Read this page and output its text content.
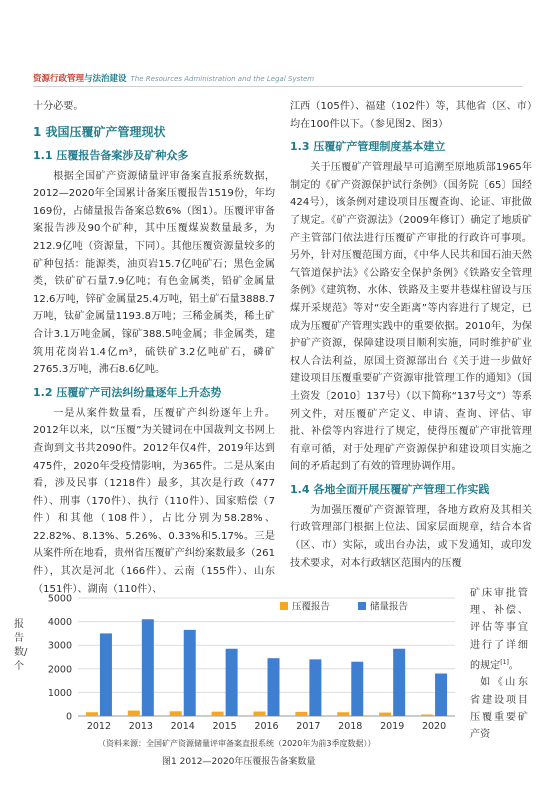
资源行政管理与法治建设 The Resources Administration and the Legal System

十分必要。

1 我国压覆矿产管理现状
1.1 压覆报告备案涉及矿种众多

根据全国矿产资源储量评审备案直报系统数据，2012—2020年全国累计备案压覆报告1519份，年均169份，占储量报告备案总数6%（图1）。压覆评审备案报告涉及90个矿种，其中压覆煤炭数量最多，为212.9亿吨（资源量，下同）。其他压覆资源量较多的矿种包括：能源类，油页岩15.7亿吨矿石；黑色金属类，铁矿矿石量7.9亿吨；有色金属类，铅矿金属量12.6万吨，锌矿金属量25.4万吨，铝土矿石量3888.7万吨，钛矿金属量1193.8万吨；三稀金属类，稀土矿合计3.1万吨金属，镓矿388.5吨金属；非金属类，建筑用花岗岩1.4亿m³，硫铁矿3.2亿吨矿石，磷矿2765.3万吨，沸石8.6亿吨。

1.2 压覆矿产司法纠纷量逐年上升态势

一是从案件数量看，压覆矿产纠纷逐年上升。2012年以来，以“压覆”为关键词在中国裁判文书网上查询到文书共2090件。2012年仅4件，2019年达到475件，2020年受疫情影响，为365件。二是从案由看，涉及民事（1218件）最多，其次是行政（477件）、刑事（170件）、执行（110件）、国家赔偿（7件）和其他（108件），占比分别为58.28%、22.82%、8.13%、5.26%、0.33%和5.17%。三是从案件所在地看，贵州省压覆矿产纠纷案数最多（261件），其次是河北（166件）、云南（155件）、山东（151件）、湖南（110件）、

江西（105件）、福建（102件）等，其他省（区、市）均在100件以下。（参见图2、图3）

1.3 压覆矿产管理制度基本建立

关于压覆矿产管理最早可追溯至原地质部1965年制定的《矿产资源保护试行条例》（国务院〔65〕国经424号），该条例对建设项目压覆查询、论证、审批做了规定。《矿产资源法》（2009年修订）确定了地质矿产主管部门依法进行压覆矿产审批的行政许可事项。另外，针对压覆范围方面，《中华人民共和国石油天然气管道保护法》《公路安全保护条例》《铁路安全管理条例》《建筑物、水体、铁路及主要井巷煤柱留设与压煤开采规范》等对“安全距离”等内容进行了规定，已成为压覆矿产管理实践中的重要依据。2010年，为保护矿产资源，保障建设项目顺利实施，同时维护矿业权人合法利益，原国土资源部出台《关于进一步做好建设项目压覆重要矿产资源审批管理工作的通知》（国土资发〔2010〕137号）（以下简称“137号文”）等系列文件，对压覆矿产定义、申请、查询、评估、审批、补偿等内容进行了规定，使得压覆矿产审批管理有章可循，对于处理矿产资源保护和建设项目实施之间的矛盾起到了有效的管理协调作用。

1.4 各地全面开展压覆矿产管理工作实践

为加强压覆矿产资源管理，各地方政府及其相关行政管理部门根据上位法、国家层面规章，结合本省（区、市）实际，或出台办法，或下发通知，或印发技术要求，对本行政辖区范围内的压覆

报告数/个
0
1000
2000
3000
4000
5000
2012 2013 2014 2015 2016 2017 2018 2019 2020
压覆报告	储量报告
（资料来源：全国矿产资源储量评审备案直报系统（2020年为前3季度数据））
图1 2012—2020年压覆报告备案数量

矿床审批管理、补偿、评估等事宜进行了详细的规定[1]。

如《山东省建设项目压覆重要矿产资
